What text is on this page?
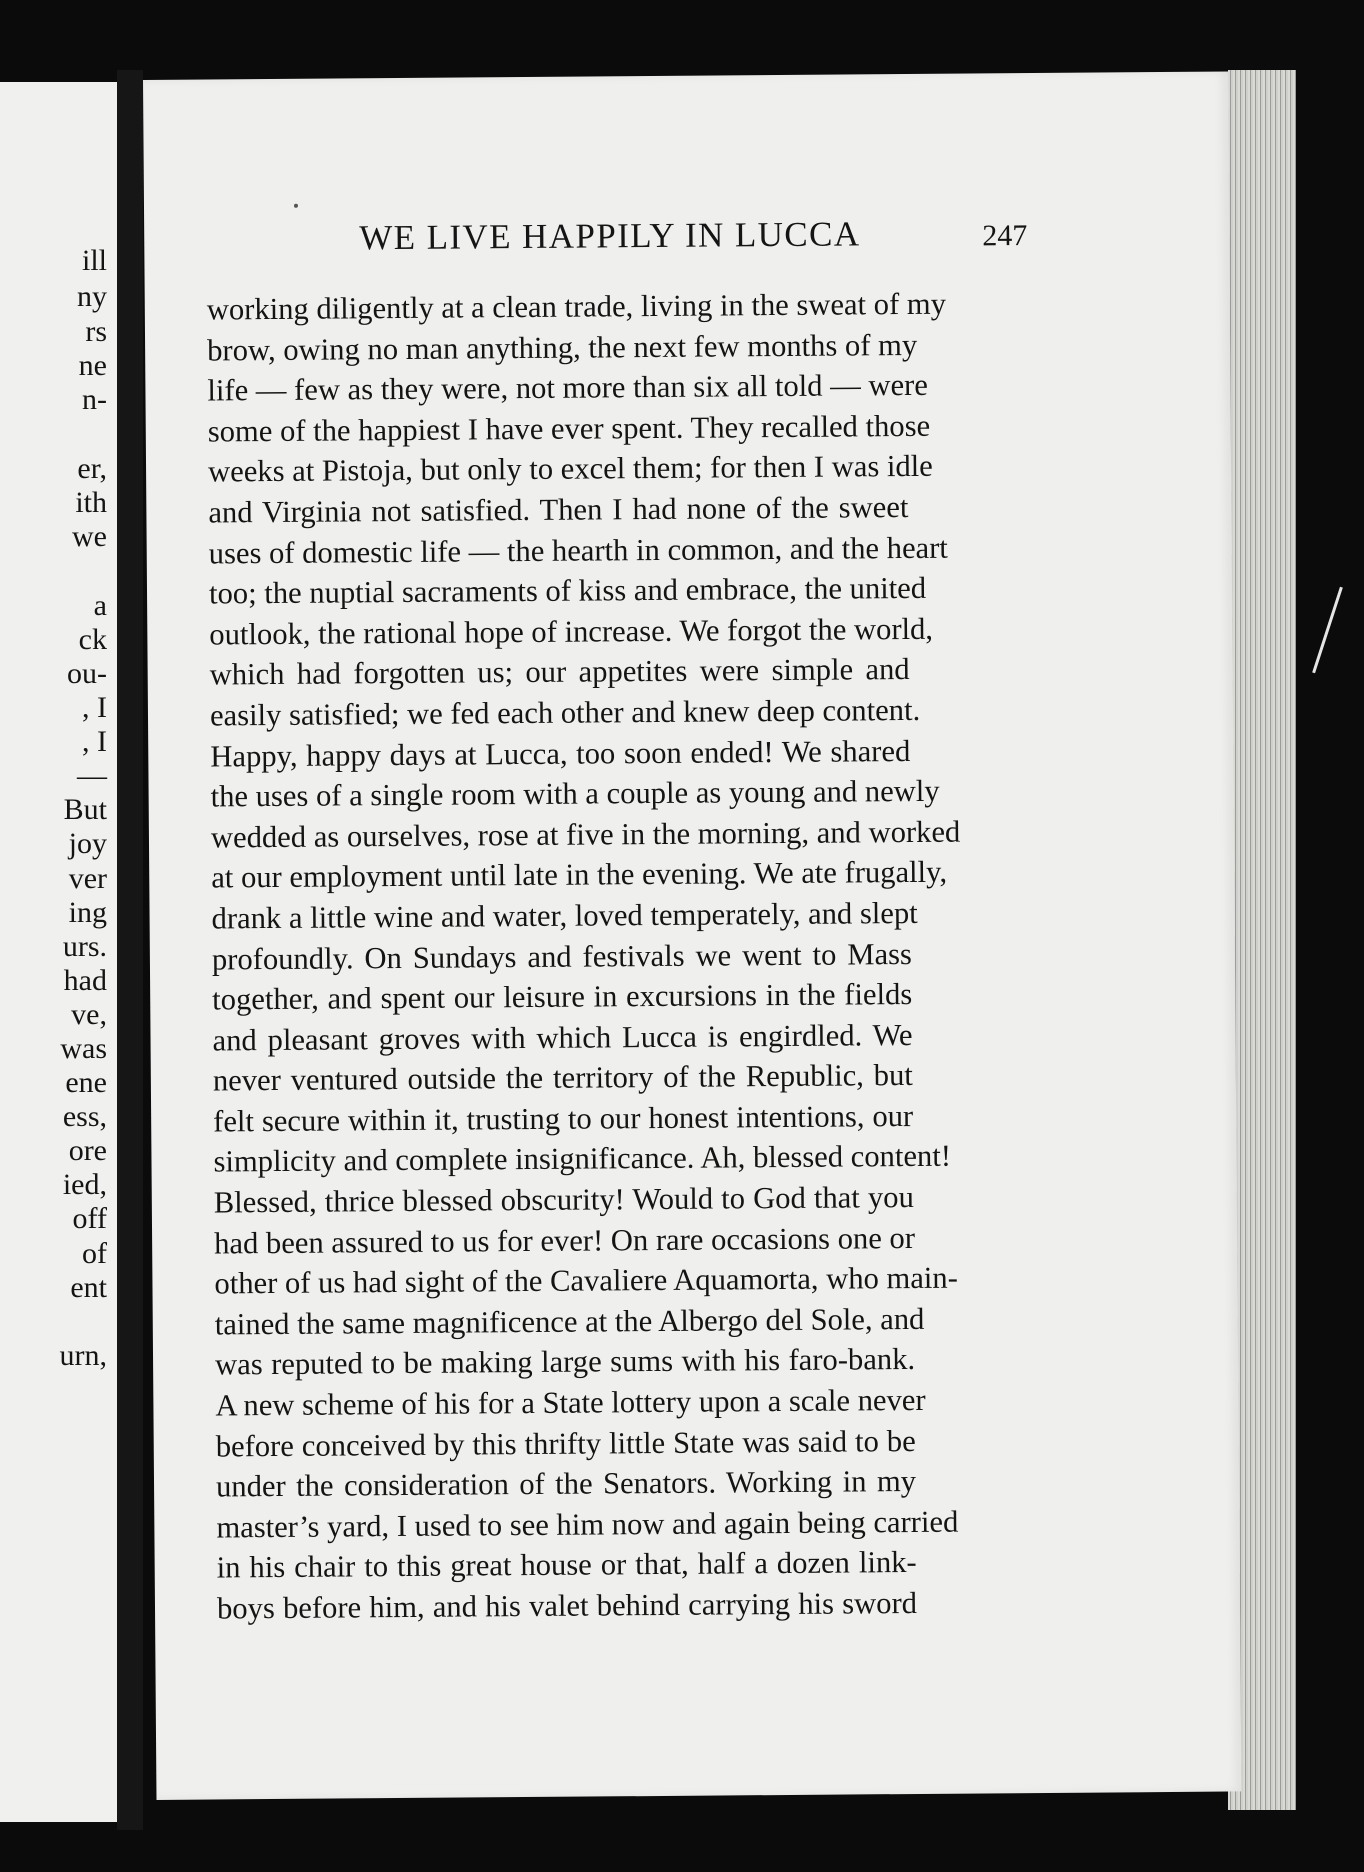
ill
ny
rs
ne
n-
er,
ith
we
a
ck
ou-
, I
, I
—
But
joy
ver
ing
urs.
had
ve,
was
ene
ess,
ore
ied,
off
of
ent
urn,
WE LIVE HAPPILY IN LUCCA	247
working diligently at a clean trade, living in the sweat of my
brow, owing no man anything, the next few months of my
life — few as they were, not more than six all told — were
some of the happiest I have ever spent. They recalled those
weeks at Pistoja, but only to excel them; for then I was idle
and Virginia not satisfied. Then I had none of the sweet
uses of domestic life — the hearth in common, and the heart
too; the nuptial sacraments of kiss and embrace, the united
outlook, the rational hope of increase. We forgot the world,
which had forgotten us; our appetites were simple and
easily satisfied; we fed each other and knew deep content.
Happy, happy days at Lucca, too soon ended! We shared
the uses of a single room with a couple as young and newly
wedded as ourselves, rose at five in the morning, and worked
at our employment until late in the evening. We ate frugally,
drank a little wine and water, loved temperately, and slept
profoundly. On Sundays and festivals we went to Mass
together, and spent our leisure in excursions in the fields
and pleasant groves with which Lucca is engirdled. We
never ventured outside the territory of the Republic, but
felt secure within it, trusting to our honest intentions, our
simplicity and complete insignificance. Ah, blessed content!
Blessed, thrice blessed obscurity! Would to God that you
had been assured to us for ever! On rare occasions one or
other of us had sight of the Cavaliere Aquamorta, who main-
tained the same magnificence at the Albergo del Sole, and
was reputed to be making large sums with his faro-bank.
A new scheme of his for a State lottery upon a scale never
before conceived by this thrifty little State was said to be
under the consideration of the Senators. Working in my
master’s yard, I used to see him now and again being carried
in his chair to this great house or that, half a dozen link-
boys before him, and his valet behind carrying his sword
